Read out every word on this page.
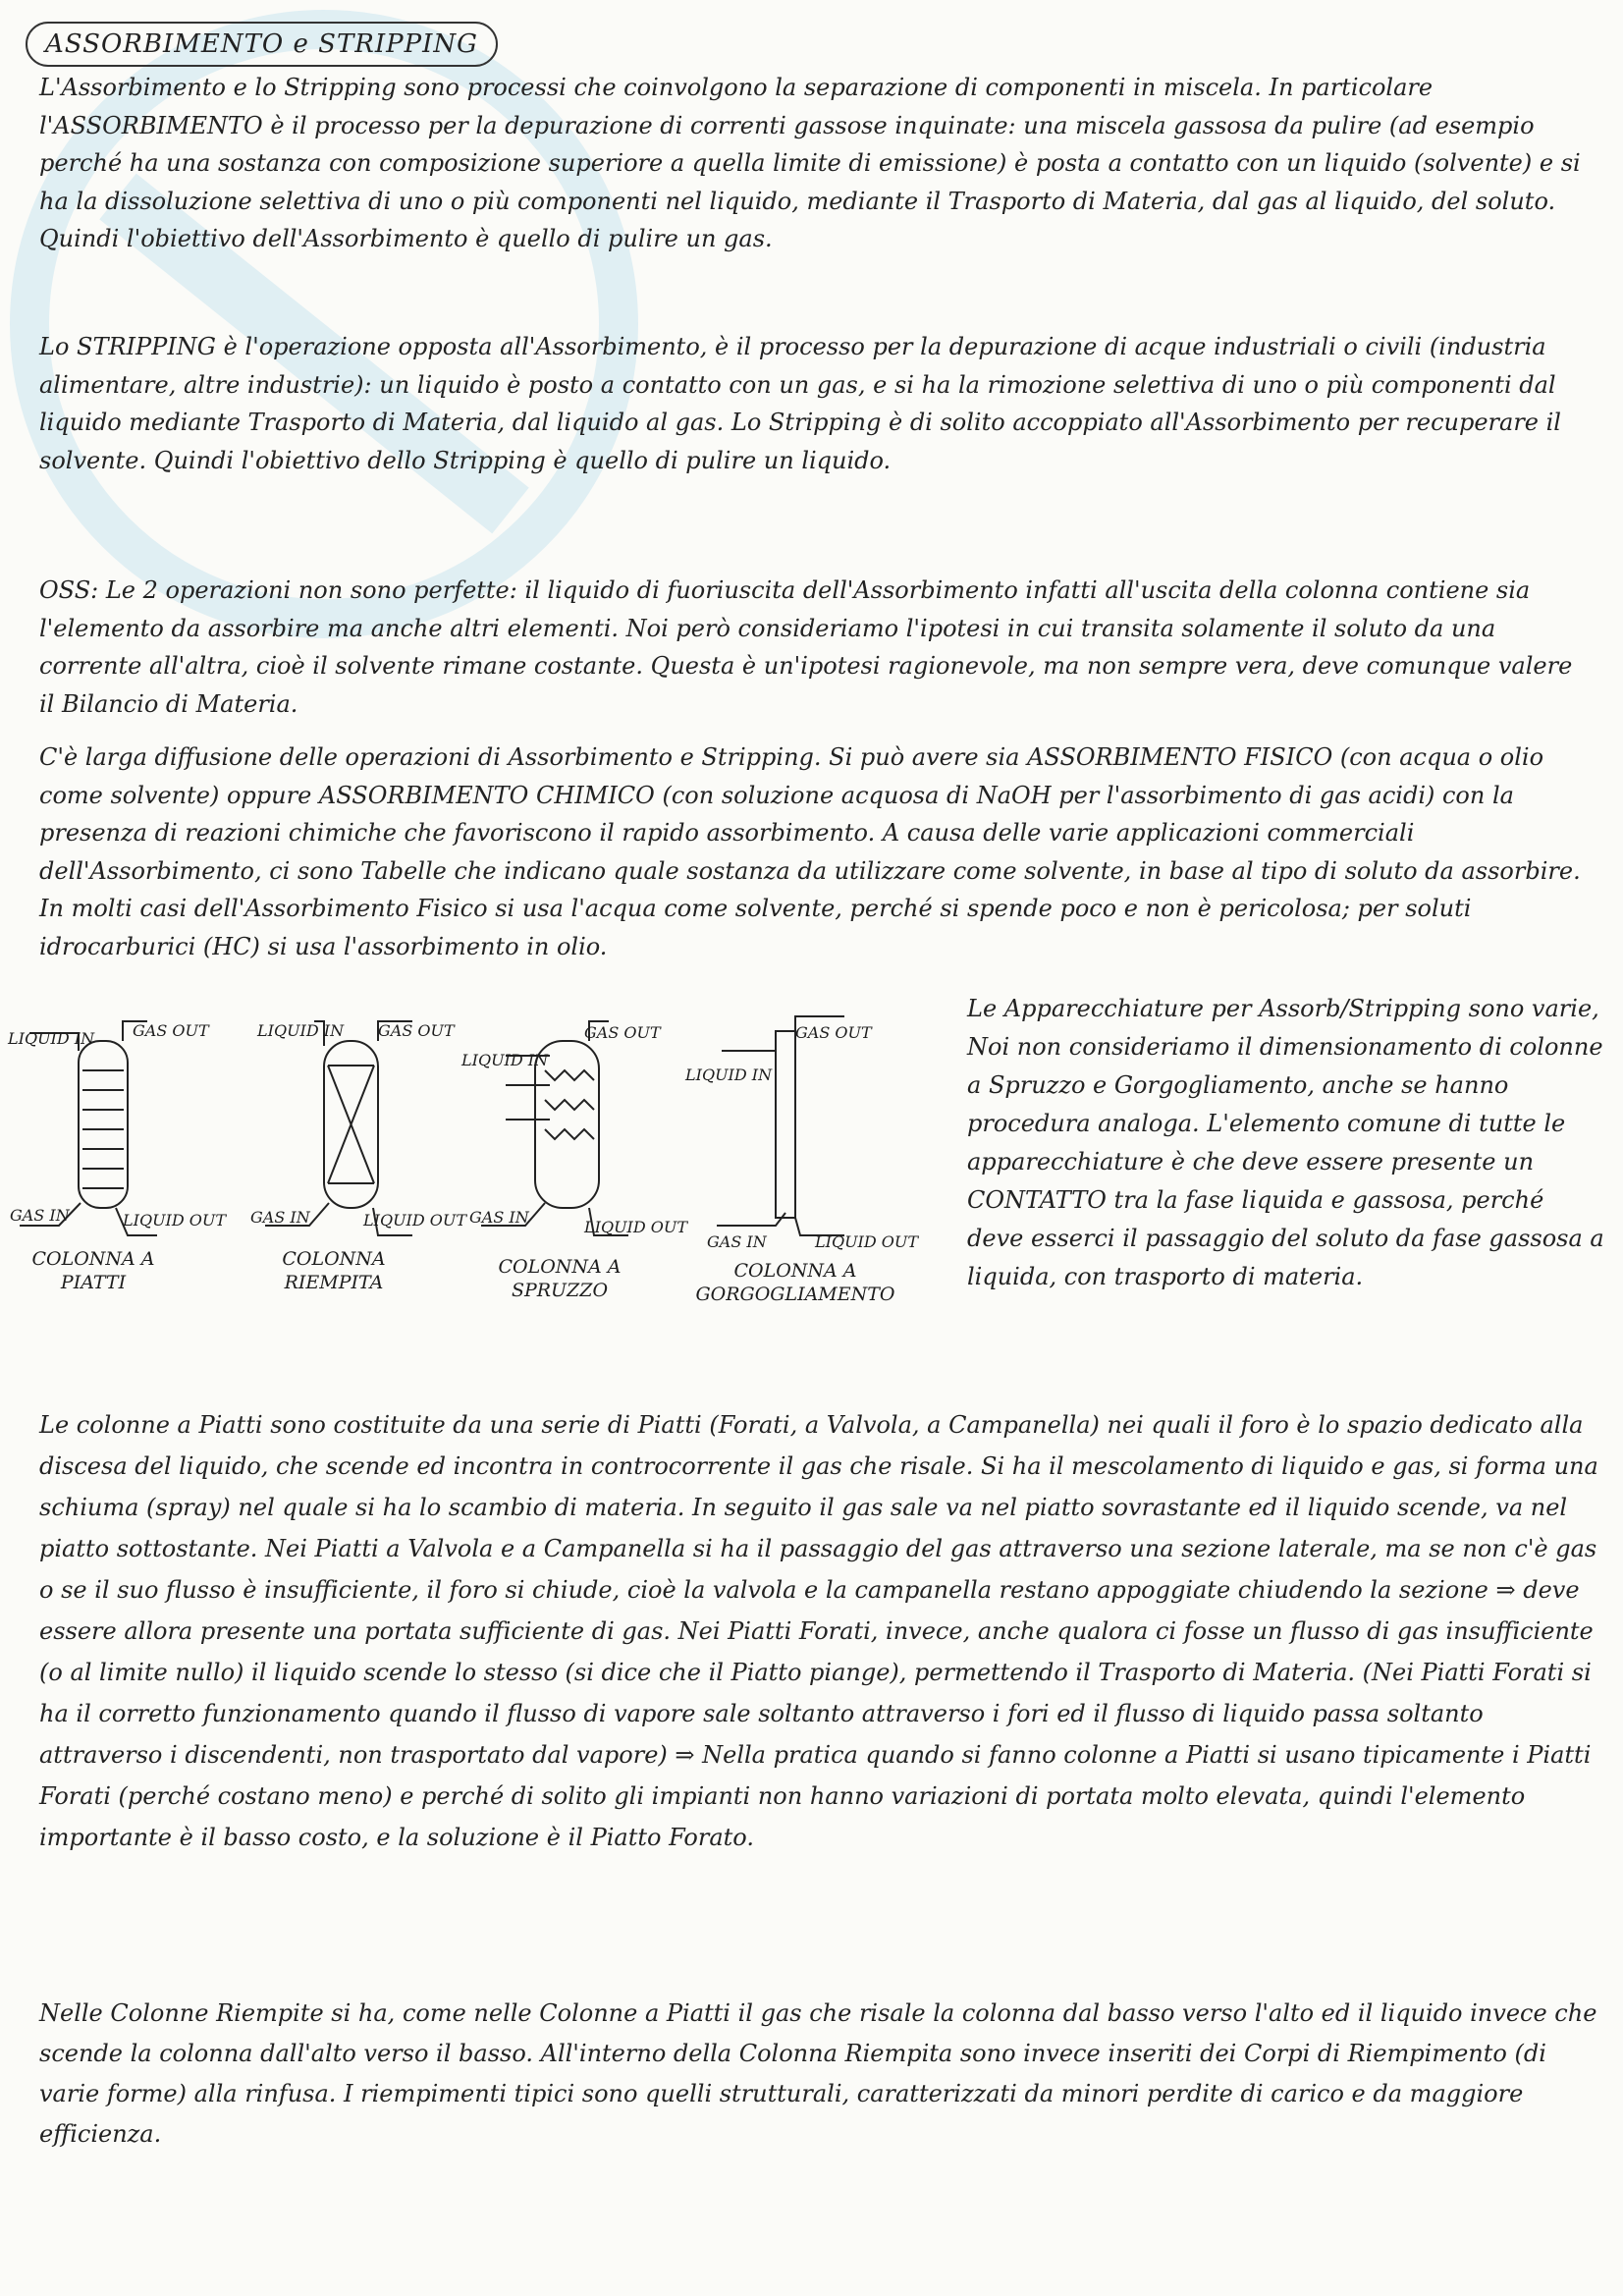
ASSORBIMENTO e STRIPPING
L'Assorbimento e lo Stripping sono processi che coinvolgono la separazione di componenti in miscela. In particolare l'ASSORBIMENTO è il processo per la depurazione di correnti gassose inquinate: una miscela gassosa da pulire (ad esempio perché ha una sostanza con composizione superiore a quella limite di emissione) è posta a contatto con un liquido (solvente) e si ha la dissoluzione selettiva di uno o più componenti nel liquido, mediante il Trasporto di Materia, dal gas al liquido, del soluto. Quindi l'obiettivo dell'Assorbimento è quello di pulire un gas.
Lo STRIPPING è l'operazione opposta all'Assorbimento, è il processo per la depurazione di acque industriali o civili (industria alimentare, altre industrie): un liquido è posto a contatto con un gas, e si ha la rimozione selettiva di uno o più componenti dal liquido mediante Trasporto di Materia, dal liquido al gas. Lo Stripping è di solito accoppiato all'Assorbimento per recuperare il solvente. Quindi l'obiettivo dello Stripping è quello di pulire un liquido.
OSS: Le 2 operazioni non sono perfette: il liquido di fuoriuscita dell'Assorbimento infatti all'uscita della colonna contiene sia l'elemento da assorbire ma anche altri elementi. Noi però consideriamo l'ipotesi in cui transita solamente il soluto da una corrente all'altra, cioè il solvente rimane costante. Questa è un'ipotesi ragionevole, ma non sempre vera, deve comunque valere il Bilancio di Materia.
C'è larga diffusione delle operazioni di Assorbimento e Stripping. Si può avere sia ASSORBIMENTO FISICO (con acqua o olio come solvente) oppure ASSORBIMENTO CHIMICO (con soluzione acquosa di NaOH per l'assorbimento di gas acidi) con la presenza di reazioni chimiche che favoriscono il rapido assorbimento. A causa delle varie applicazioni commerciali dell'Assorbimento, ci sono Tabelle che indicano quale sostanza da utilizzare come solvente, in base al tipo di soluto da assorbire. In molti casi dell'Assorbimento Fisico si usa l'acqua come solvente, perché si spende poco e non è pericolosa; per soluti idrocarburici (HC) si usa l'assorbimento in olio.
LIQUID IN GAS OUT
GAS IN	LIQUID OUT
LIQUID IN GAS OUT
GAS IN	LIQUID OUT
LIQUID IN
GAS OUT
GAS IN
LIQUID OUT
LIQUID IN
GAS OUT
GAS IN	LIQUID OUT
COLONNA A PIATTI
COLONNA RIEMPITA
COLONNA A SPRUZZO
COLONNA A GORGOGLIAMENTO
Le Apparecchiature per Assorb/Stripping sono varie, Noi non consideriamo il dimensionamento di colonne a Spruzzo e Gorgogliamento, anche se hanno procedura analoga. L'elemento comune di tutte le apparecchiature è che deve essere presente un CONTATTO tra la fase liquida e gassosa, perché deve esserci il passaggio del soluto da fase gassosa a liquida, con trasporto di materia.
Le colonne a Piatti sono costituite da una serie di Piatti (Forati, a Valvola, a Campanella) nei quali il foro è lo spazio dedicato alla discesa del liquido, che scende ed incontra in controcorrente il gas che risale. Si ha il mescolamento di liquido e gas, si forma una schiuma (spray) nel quale si ha lo scambio di materia. In seguito il gas sale va nel piatto sovrastante ed il liquido scende, va nel piatto sottostante. Nei Piatti a Valvola e a Campanella si ha il passaggio del gas attraverso una sezione laterale, ma se non c'è gas o se il suo flusso è insufficiente, il foro si chiude, cioè la valvola e la campanella restano appoggiate chiudendo la sezione ⇒ deve essere allora presente una portata sufficiente di gas. Nei Piatti Forati, invece, anche qualora ci fosse un flusso di gas insufficiente (o al limite nullo) il liquido scende lo stesso (si dice che il Piatto piange), permettendo il Trasporto di Materia. (Nei Piatti Forati si ha il corretto funzionamento quando il flusso di vapore sale soltanto attraverso i fori ed il flusso di liquido passa soltanto attraverso i discendenti, non trasportato dal vapore) ⇒ Nella pratica quando si fanno colonne a Piatti si usano tipicamente i Piatti Forati (perché costano meno) e perché di solito gli impianti non hanno variazioni di portata molto elevata, quindi l'elemento importante è il basso costo, e la soluzione è il Piatto Forato.
Nelle Colonne Riempite si ha, come nelle Colonne a Piatti il gas che risale la colonna dal basso verso l'alto ed il liquido invece che scende la colonna dall'alto verso il basso. All'interno della Colonna Riempita sono invece inseriti dei Corpi di Riempimento (di varie forme) alla rinfusa. I riempimenti tipici sono quelli strutturali, caratterizzati da minori perdite di carico e da maggiore efficienza.
